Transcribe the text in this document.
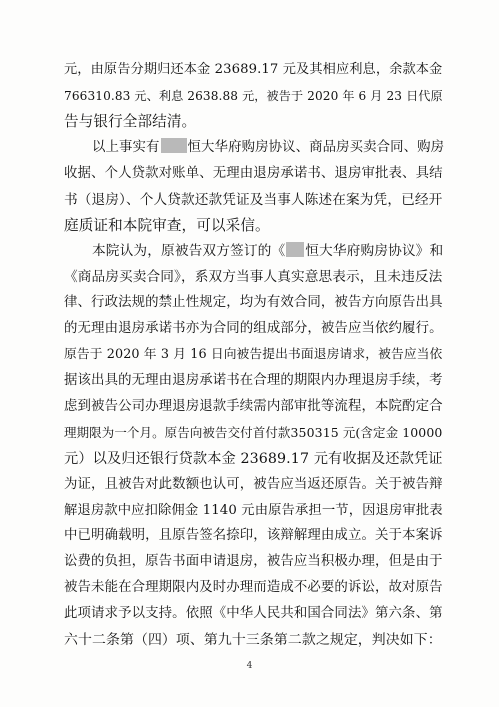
元，由原告分期归还本金 23689.17 元及其相应利息，余款本金
766310.83 元、利息 2638.88 元，被告于 2020 年 6 月 23 日代原
告与银行全部结清。
以上事实有 恒大华府购房协议、商品房买卖合同、购房
收据、个人贷款对账单、无理由退房承诺书、退房审批表、具结
书（退房）、个人贷款还款凭证及当事人陈述在案为凭，已经开
庭质证和本院审查，可以采信。
本院认为，原被告双方签订的《 恒大华府购房协议》和
《商品房买卖合同》，系双方当事人真实意思表示，且未违反法
律、行政法规的禁止性规定，均为有效合同，被告方向原告出具
的无理由退房承诺书亦为合同的组成部分，被告应当依约履行。
原告于 2020 年 3 月 16 日向被告提出书面退房请求，被告应当依
据该出具的无理由退房承诺书在合理的期限内办理退房手续，考
虑到被告公司办理退房退款手续需内部审批等流程，本院酌定合
理期限为一个月。原告向被告交付首付款350315 元(含定金 10000
元）以及归还银行贷款本金 23689.17 元有收据及还款凭证
为证，且被告对此数额也认可，被告应当返还原告。关于被告辩
解退房款中应扣除佣金 1140 元由原告承担一节，因退房审批表
中已明确载明，且原告签名捺印，该辩解理由成立。关于本案诉
讼费的负担，原告书面申请退房，被告应当积极办理，但是由于
4
被告未能在合理期限内及时办理而造成不必要的诉讼，故对原告
此项请求予以支持。依照《中华人民共和国合同法》第六条、第
六十二条第（四）项、第九十三条第二款之规定，判决如下：
